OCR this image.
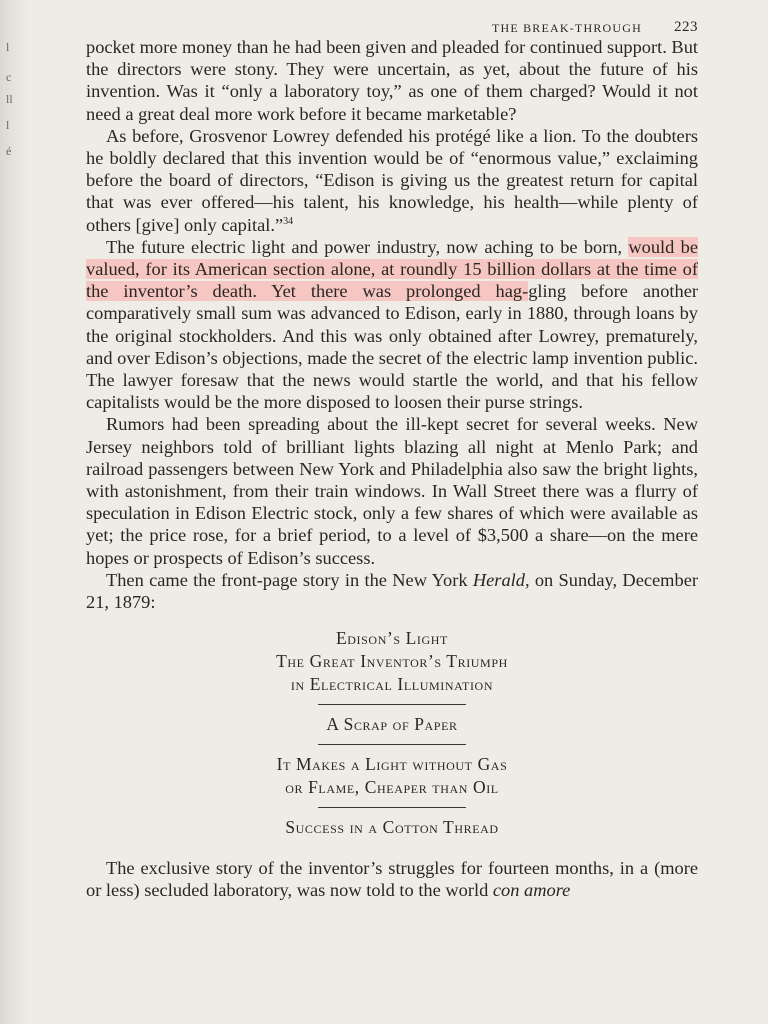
l
c
ll
l
é
THE BREAK-THROUGH 223

pocket more money than he had been given and pleaded for continued support. But the directors were stony. They were uncertain, as yet, about the future of his invention. Was it “only a laboratory toy,” as one of them charged? Would it not need a great deal more work before it became marketable?

As before, Grosvenor Lowrey defended his protégé like a lion. To the doubters he boldly declared that this invention would be of “enormous value,” exclaiming before the board of directors, “Edison is giving us the greatest return for capital that was ever offered—his talent, his knowledge, his health—while plenty of others [give] only capital.”$^{34}$

The future electric light and power industry, now aching to be born, would be valued, for its American section alone, at roundly 15 billion dollars at the time of the inventor’s death. Yet there was prolonged hag-gling before another comparatively small sum was advanced to Edison, early in 1880, through loans by the original stockholders. And this was only obtained after Lowrey, prematurely, and over Edison’s objections, made the secret of the electric lamp invention public. The lawyer foresaw that the news would startle the world, and that his fellow capitalists would be the more disposed to loosen their purse strings.

Rumors had been spreading about the ill-kept secret for several weeks. New Jersey neighbors told of brilliant lights blazing all night at Menlo Park; and railroad passengers between New York and Philadelphia also saw the bright lights, with astonishment, from their train windows. In Wall Street there was a flurry of speculation in Edison Electric stock, only a few shares of which were available as yet; the price rose, for a brief period, to a level of $3,500 a share—on the mere hopes or prospects of Edison’s success.

Then came the front-page story in the New York Herald, on Sunday, December 21, 1879:

Edison’s Light
The Great Inventor’s Triumph
in Electrical Illumination
A Scrap of Paper
It Makes a Light without Gas
or Flame, Cheaper than Oil
Success in a Cotton Thread

The exclusive story of the inventor’s struggles for fourteen months, in a (more or less) secluded laboratory, was now told to the world con amore
